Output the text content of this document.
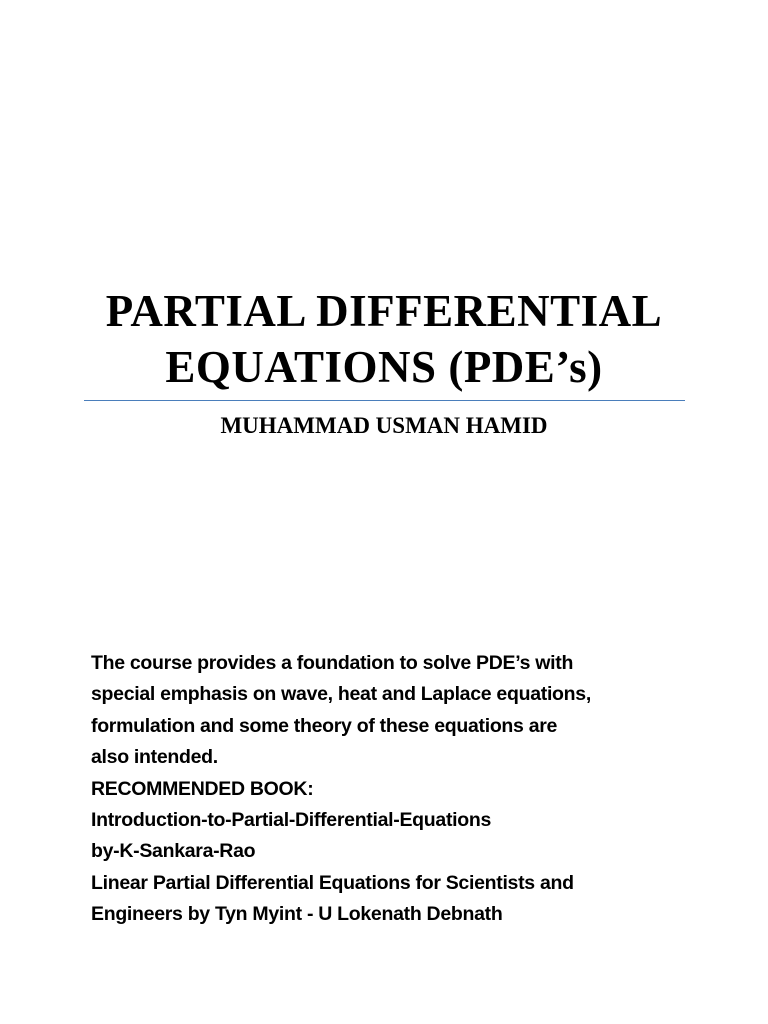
PARTIAL DIFFERENTIAL
EQUATIONS (PDE’s)

MUHAMMAD USMAN HAMID

The course provides a foundation to solve PDE’s with
special emphasis on wave, heat and Laplace equations,
formulation and some theory of these equations are
also intended.
RECOMMENDED BOOK:
Introduction-to-Partial-Differential-Equations
by-K-Sankara-Rao
Linear Partial Differential Equations for Scientists and
Engineers by Tyn Myint - U Lokenath Debnath
